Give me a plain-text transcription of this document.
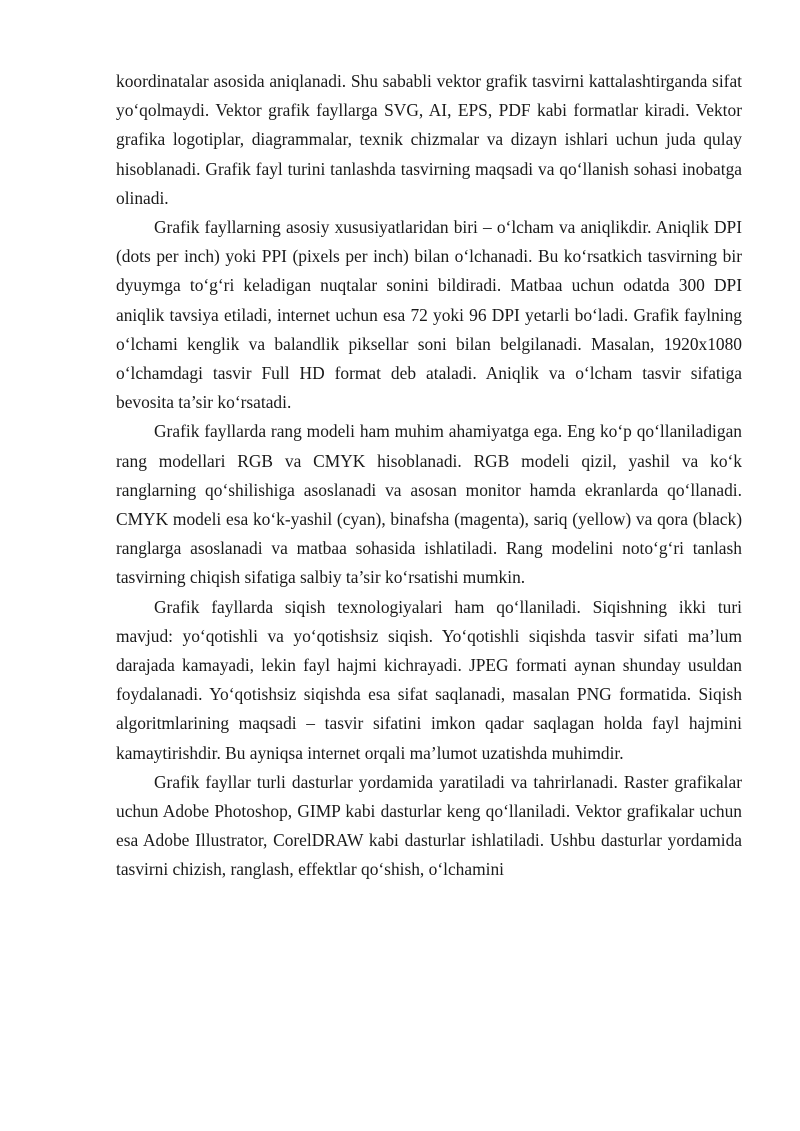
koordinatalar asosida aniqlanadi. Shu sababli vektor grafik tasvirni kattalashtirganda sifat yo‘qolmaydi. Vektor grafik fayllarga SVG, AI, EPS, PDF kabi formatlar kiradi. Vektor grafika logotiplar, diagrammalar, texnik chizmalar va dizayn ishlari uchun juda qulay hisoblanadi. Grafik fayl turini tanlashda tasvirning maqsadi va qo‘llanish sohasi inobatga olinadi.

Grafik fayllarning asosiy xususiyatlaridan biri – o‘lcham va aniqlikdir. Aniqlik DPI (dots per inch) yoki PPI (pixels per inch) bilan o‘lchanadi. Bu ko‘rsatkich tasvirning bir dyuymga to‘g‘ri keladigan nuqtalar sonini bildiradi. Matbaa uchun odatda 300 DPI aniqlik tavsiya etiladi, internet uchun esa 72 yoki 96 DPI yetarli bo‘ladi. Grafik faylning o‘lchami kenglik va balandlik piksellar soni bilan belgilanadi. Masalan, 1920x1080 o‘lchamdagi tasvir Full HD format deb ataladi. Aniqlik va o‘lcham tasvir sifatiga bevosita ta’sir ko‘rsatadi.

Grafik fayllarda rang modeli ham muhim ahamiyatga ega. Eng ko‘p qo‘llaniladigan rang modellari RGB va CMYK hisoblanadi. RGB modeli qizil, yashil va ko‘k ranglarning qo‘shilishiga asoslanadi va asosan monitor hamda ekranlarda qo‘llanadi. CMYK modeli esa ko‘k-yashil (cyan), binafsha (magenta), sariq (yellow) va qora (black) ranglarga asoslanadi va matbaa sohasida ishlatiladi. Rang modelini noto‘g‘ri tanlash tasvirning chiqish sifatiga salbiy ta’sir ko‘rsatishi mumkin.

Grafik fayllarda siqish texnologiyalari ham qo‘llaniladi. Siqishning ikki turi mavjud: yo‘qotishli va yo‘qotishsiz siqish. Yo‘qotishli siqishda tasvir sifati ma’lum darajada kamayadi, lekin fayl hajmi kichrayadi. JPEG formati aynan shunday usuldan foydalanadi. Yo‘qotishsiz siqishda esa sifat saqlanadi, masalan PNG formatida. Siqish algoritmlarining maqsadi – tasvir sifatini imkon qadar saqlagan holda fayl hajmini kamaytirishdir. Bu ayniqsa internet orqali ma’lumot uzatishda muhimdir.

Grafik fayllar turli dasturlar yordamida yaratiladi va tahrirlanadi. Raster grafikalar uchun Adobe Photoshop, GIMP kabi dasturlar keng qo‘llaniladi. Vektor grafikalar uchun esa Adobe Illustrator, CorelDRAW kabi dasturlar ishlatiladi. Ushbu dasturlar yordamida tasvirni chizish, ranglash, effektlar qo‘shish, o‘lchamini
